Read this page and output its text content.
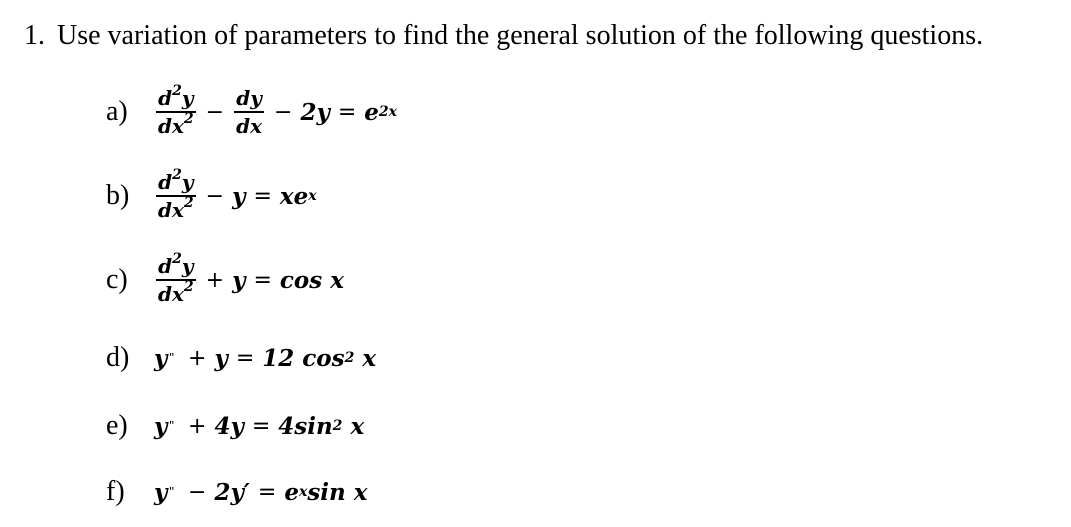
1. Use variation of parameters to find the general solution of the following questions.
a)	$\frac{d^2y}{dx^2} - \frac{dy}{dx} - 2y = e$ 2x
b)	$\frac{d^2y}{dx^2} - y$ = xe x
c)	$\frac{d^2y}{dx^2} + y = \cos x$
d)	y " + y = 12 cos 2
x
e)	y " + 4y = 4sin 2
x
f)	y " − 2y′ = e x sin x
